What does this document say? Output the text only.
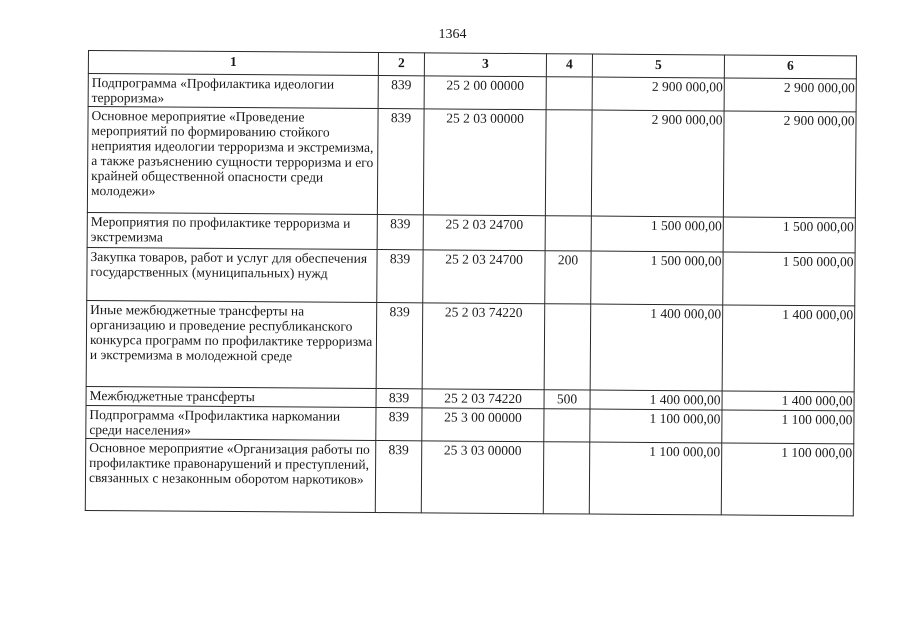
1364
1	2	3	4	5	6
Подпрограмма «Профилактика идеологии терроризма»	839	25 2 00 00000		2 900 000,00	2 900 000,00
Основное мероприятие «Проведение мероприятий по формированию стойкого неприятия идеологии терроризма и экстремизма, а также разъяснению сущности терроризма и его крайней общественной опасности среди молодежи»	839	25 2 03 00000		2 900 000,00	2 900 000,00
Мероприятия по профилактике терроризма и экстремизма	839	25 2 03 24700		1 500 000,00	1 500 000,00
Закупка товаров, работ и услуг для обеспечения государственных (муниципальных) нужд	839	25 2 03 24700	200	1 500 000,00	1 500 000,00
Иные межбюджетные трансферты на организацию и проведение республиканского конкурса программ по профилактике терроризма и экстремизма в молодежной среде	839	25 2 03 74220		1 400 000,00	1 400 000,00
Межбюджетные трансферты	839	25 2 03 74220	500	1 400 000,00	1 400 000,00
Подпрограмма «Профилактика наркомании среди населения»	839	25 3 00 00000		1 100 000,00	1 100 000,00
Основное мероприятие «Организация работы по профилактике правонарушений и преступлений, связанных с незаконным оборотом наркотиков»	839	25 3 03 00000		1 100 000,00	1 100 000,00
